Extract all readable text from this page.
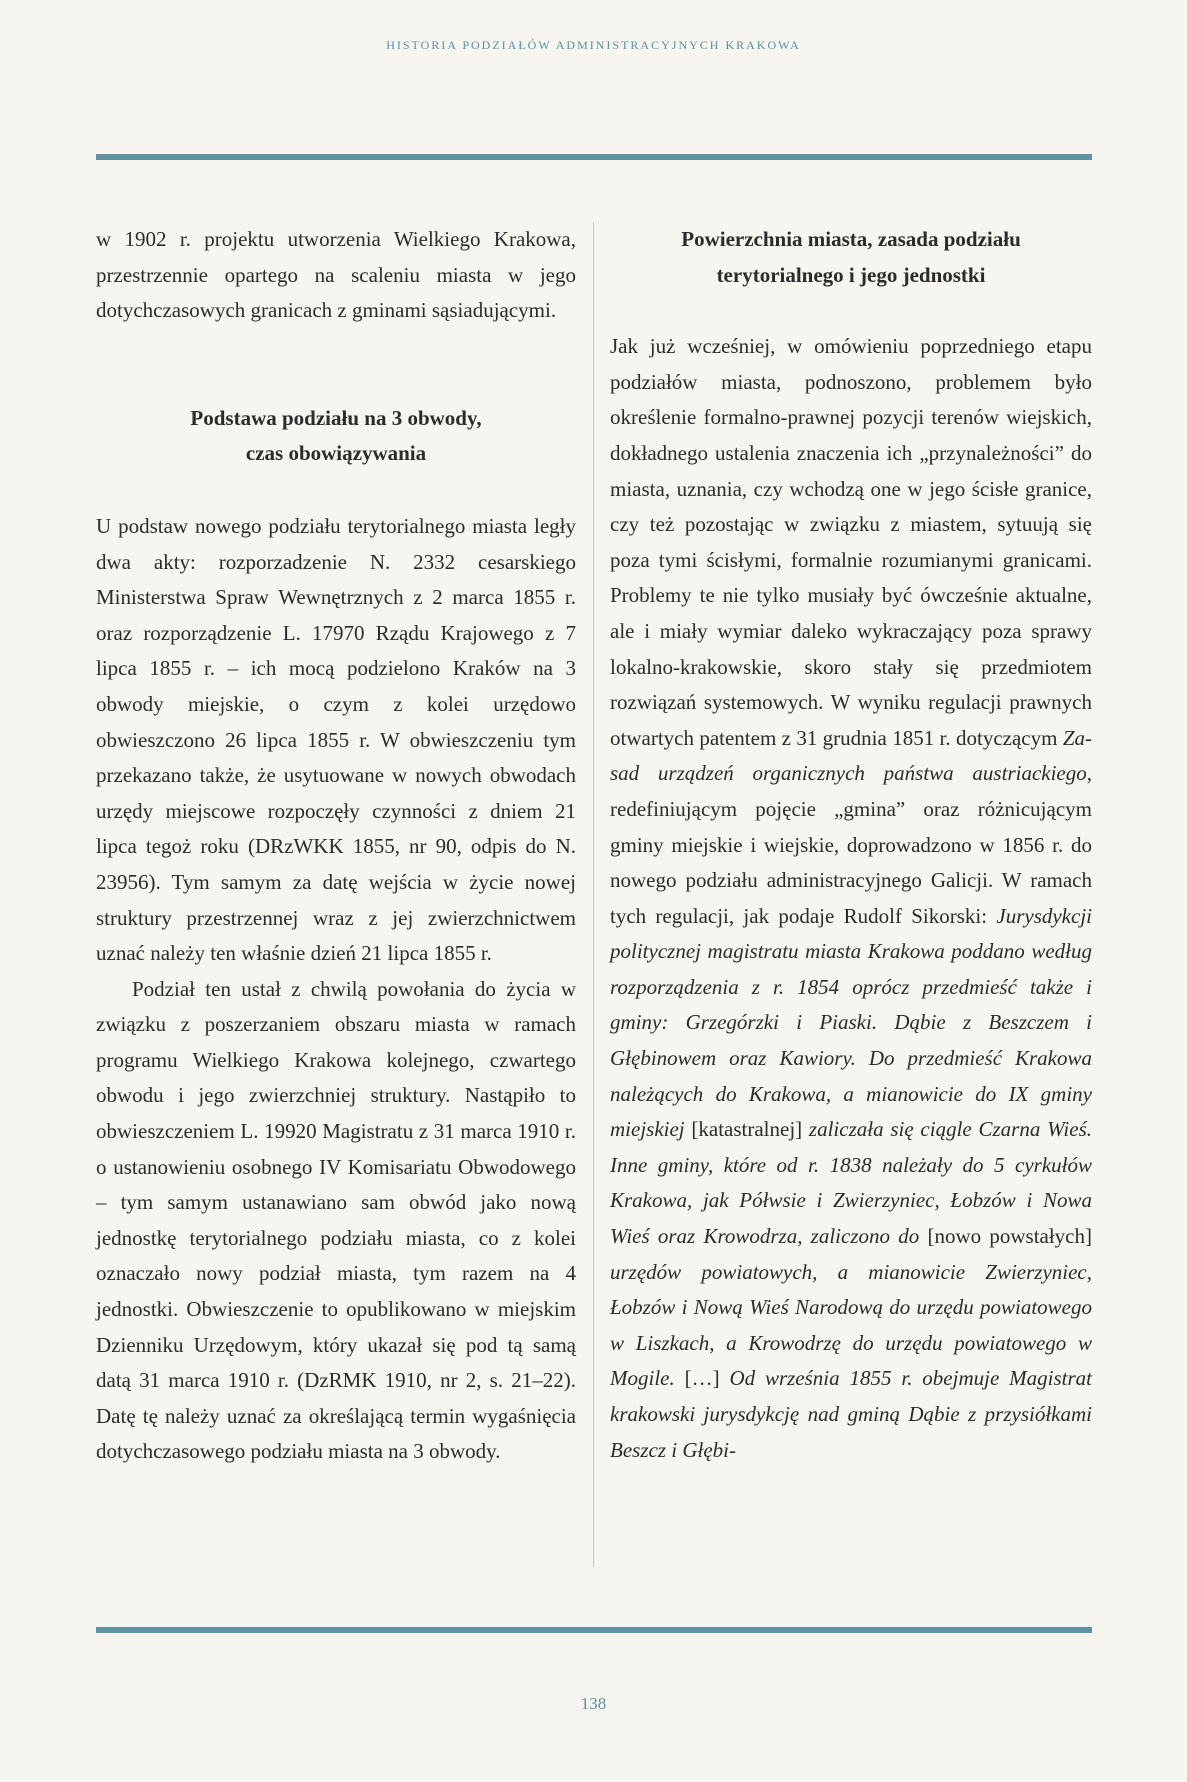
HISTORIA PODZIAŁÓW ADMINISTRACYJNYCH KRAKOWA

w 1902 r. projektu utworzenia Wielkiego Krakowa, przestrzennie opartego na scaleniu miasta w jego dotychczasowych granicach z gminami sąsiadującymi.

Podstawa podziału na 3 obwody,
czas obowiązywania

U podstaw nowego podziału terytorialnego miasta legły dwa akty: rozporzadzenie N. 2332 cesarskiego Ministerstwa Spraw Wewnętrznych z 2 marca 1855 r. oraz rozporządzenie L. 17970 Rządu Krajowego z 7 lipca 1855 r. – ich mocą podzielono Kraków na 3 obwody miejskie, o czym z kolei urzędowo obwieszczono 26 lipca 1855 r. W obwieszczeniu tym przekazano także, że usytuowane w nowych obwodach urzędy miejscowe rozpoczęły czynności z dniem 21 lipca tegoż roku (DRzWKK 1855, nr 90, odpis do N. 23956). Tym samym za datę wejścia w życie nowej struktury przestrzennej wraz z jej zwierzchnictwem uznać należy ten właśnie dzień 21 lipca 1855 r.

Podział ten ustał z chwilą powołania do życia w związku z poszerzaniem obszaru miasta w ramach programu Wielkiego Krakowa kolejnego, czwartego obwodu i jego zwierzchniej struktury. Nastąpiło to obwieszczeniem L. 19920 Magistratu z 31 marca 1910 r. o ustanowieniu osobnego IV Komisariatu Obwodowego – tym samym ustanawiano sam obwód jako nową jednostkę terytorialnego podziału miasta, co z kolei oznaczało nowy podział miasta, tym razem na 4 jednostki. Obwieszczenie to opublikowano w miejskim Dzienniku Urzędowym, który ukazał się pod tą samą datą 31 marca 1910 r. (DzRMK 1910, nr 2, s. 21–22). Datę tę należy uznać za określającą termin wygaśnięcia dotychczasowego podziału miasta na 3 obwody.

Powierzchnia miasta, zasada podziału
terytorialnego i jego jednostki

Jak już wcześniej, w omówieniu poprzedniego etapu podziałów miasta, podnoszono, problemem było określenie formalno-prawnej pozycji terenów wiejskich, dokładnego ustalenia znaczenia ich „przynależności” do miasta, uznania, czy wchodzą one w jego ścisłe granice, czy też pozostając w związku z miastem, sytuują się poza tymi ścisłymi, formalnie rozumianymi granicami. Problemy te nie tylko musiały być ówcześnie aktualne, ale i miały wymiar daleko wykraczający poza sprawy lokalno-krakowskie, skoro stały się przedmiotem rozwiązań systemowych. W wyniku regulacji prawnych otwartych patentem z 31 grudnia 1851 r. dotyczącym Zasad urządzeń organicznych państwa austriackiego, redefiniującym pojęcie „gmina” oraz różnicującym gminy miejskie i wiejskie, doprowadzono w 1856 r. do nowego podziału administracyjnego Galicji. W ramach tych regulacji, jak podaje Rudolf Sikorski: Jurysdykcji politycznej magistratu miasta Krakowa poddano według rozporządzenia z r. 1854 oprócz przedmieść także i gminy: Grzegórzki i Piaski. Dąbie z Beszczem i Głębinowem oraz Kawiory. Do przedmieść Krakowa należących do Krakowa, a mianowicie do IX gminy miejskiej [katastralnej] zaliczała się ciągle Czarna Wieś. Inne gminy, które od r. 1838 należały do 5 cyrkułów Krakowa, jak Półwsie i Zwierzyniec, Łobzów i Nowa Wieś oraz Krowodrza, zaliczono do [nowo powstałych] urzędów powiatowych, a mianowicie Zwierzyniec, Łobzów i Nową Wieś Narodową do urzędu powiatowego w Liszkach, a Krowodrzę do urzędu powiatowego w Mogile. […] Od września 1855 r. obejmuje Magistrat krakowski jurysdykcję nad gminą Dąbie z przysiółkami Beszcz i Głębi-

138
